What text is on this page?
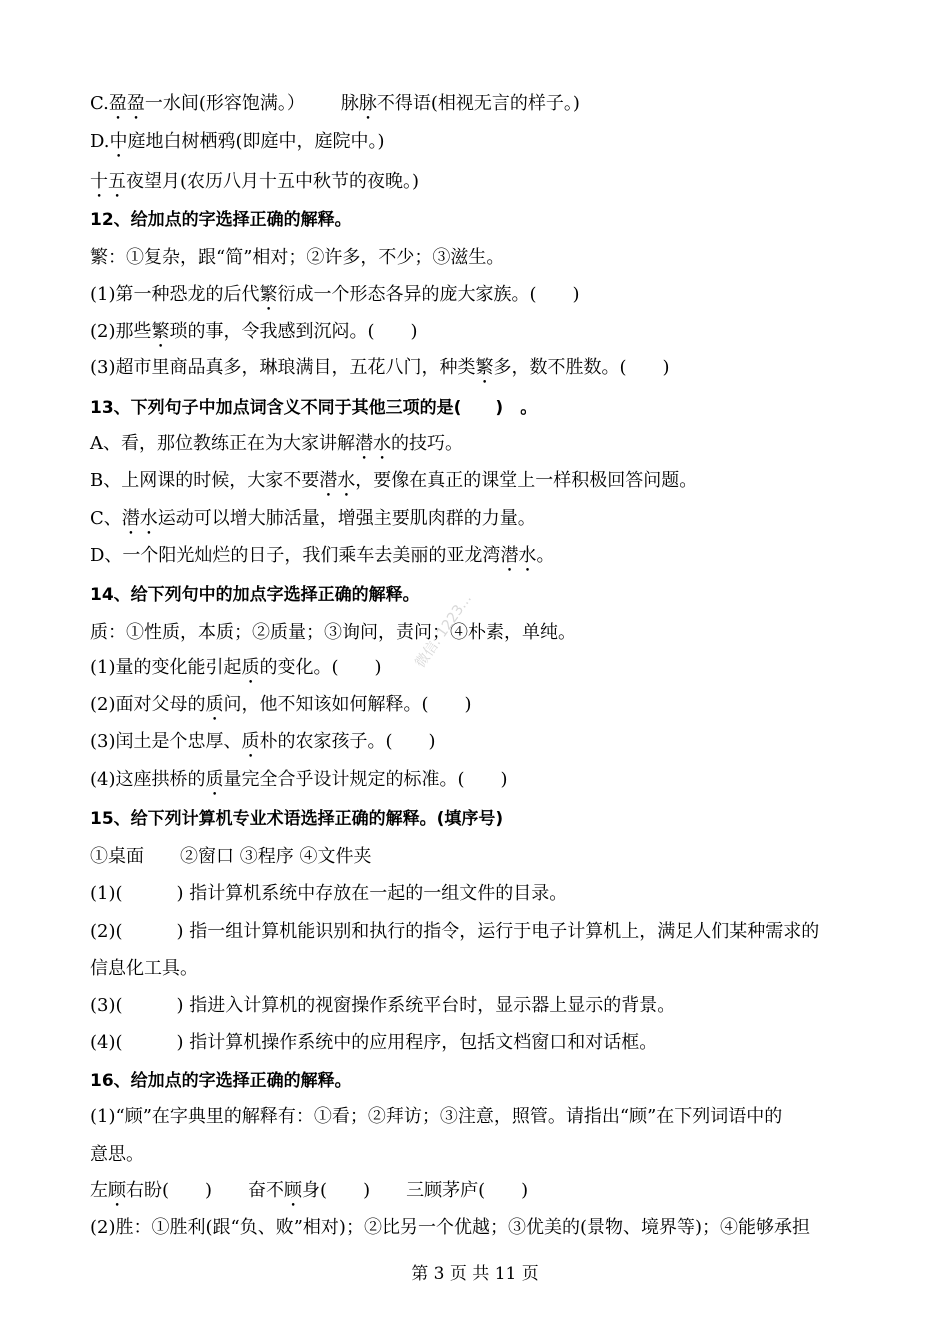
C.盈盈一水间(形容饱满。） 脉脉不得语(相视无言的样子。)
D.中庭地白树栖鸦(即庭中，庭院中。)
十五夜望月(农历八月十五中秋节的夜晚。)
12、给加点的字选择正确的解释。
繁：①复杂，跟“简”相对；②许多，不少；③滋生。
(1)第一种恐龙的后代繁衍成一个形态各异的庞大家族。(　　)
(2)那些繁琐的事，令我感到沉闷。(　　)
(3)超市里商品真多，琳琅满目，五花八门，种类繁多，数不胜数。(　　)
13、下列句子中加点词含义不同于其他三项的是(　　)　。
A、看，那位教练正在为大家讲解潜水的技巧。
B、上网课的时候，大家不要潜水，要像在真正的课堂上一样积极回答问题。
C、潜水运动可以增大肺活量，增强主要肌肉群的力量。
D、一个阳光灿烂的日子，我们乘车去美丽的亚龙湾潜水。
14、给下列句中的加点字选择正确的解释。
质：①性质，本质；②质量；③询问，责问；④朴素，单纯。
(1)量的变化能引起质的变化。(　　)
(2)面对父母的质问，他不知该如何解释。(　　)
(3)闰土是个忠厚、质朴的农家孩子。(　　)
(4)这座拱桥的质量完全合乎设计规定的标准。(　　)
15、给下列计算机专业术语选择正确的解释。(填序号)
①桌面　　②窗口 ③程序 ④文件夹
(1)(　　　) 指计算机系统中存放在一起的一组文件的目录。
(2)(　　　) 指一组计算机能识别和执行的指令，运行于电子计算机上，满足人们某种需求的
信息化工具。
(3)(　　　) 指进入计算机的视窗操作系统平台时，显示器上显示的背景。
(4)(　　　) 指计算机操作系统中的应用程序，包括文档窗口和对话框。
16、给加点的字选择正确的解释。
(1)“顾”在字典里的解释有：①看；②拜访；③注意，照管。请指出“顾”在下列词语中的
意思。
左顾右盼(　　)　　奋不顾身(　　)　　三顾茅庐(　　)
(2)胜：①胜利(跟“负、败”相对)；②比另一个优越；③优美的(景物、境界等)；④能够承担
微信: 1223...
第 3 页 共 11 页
